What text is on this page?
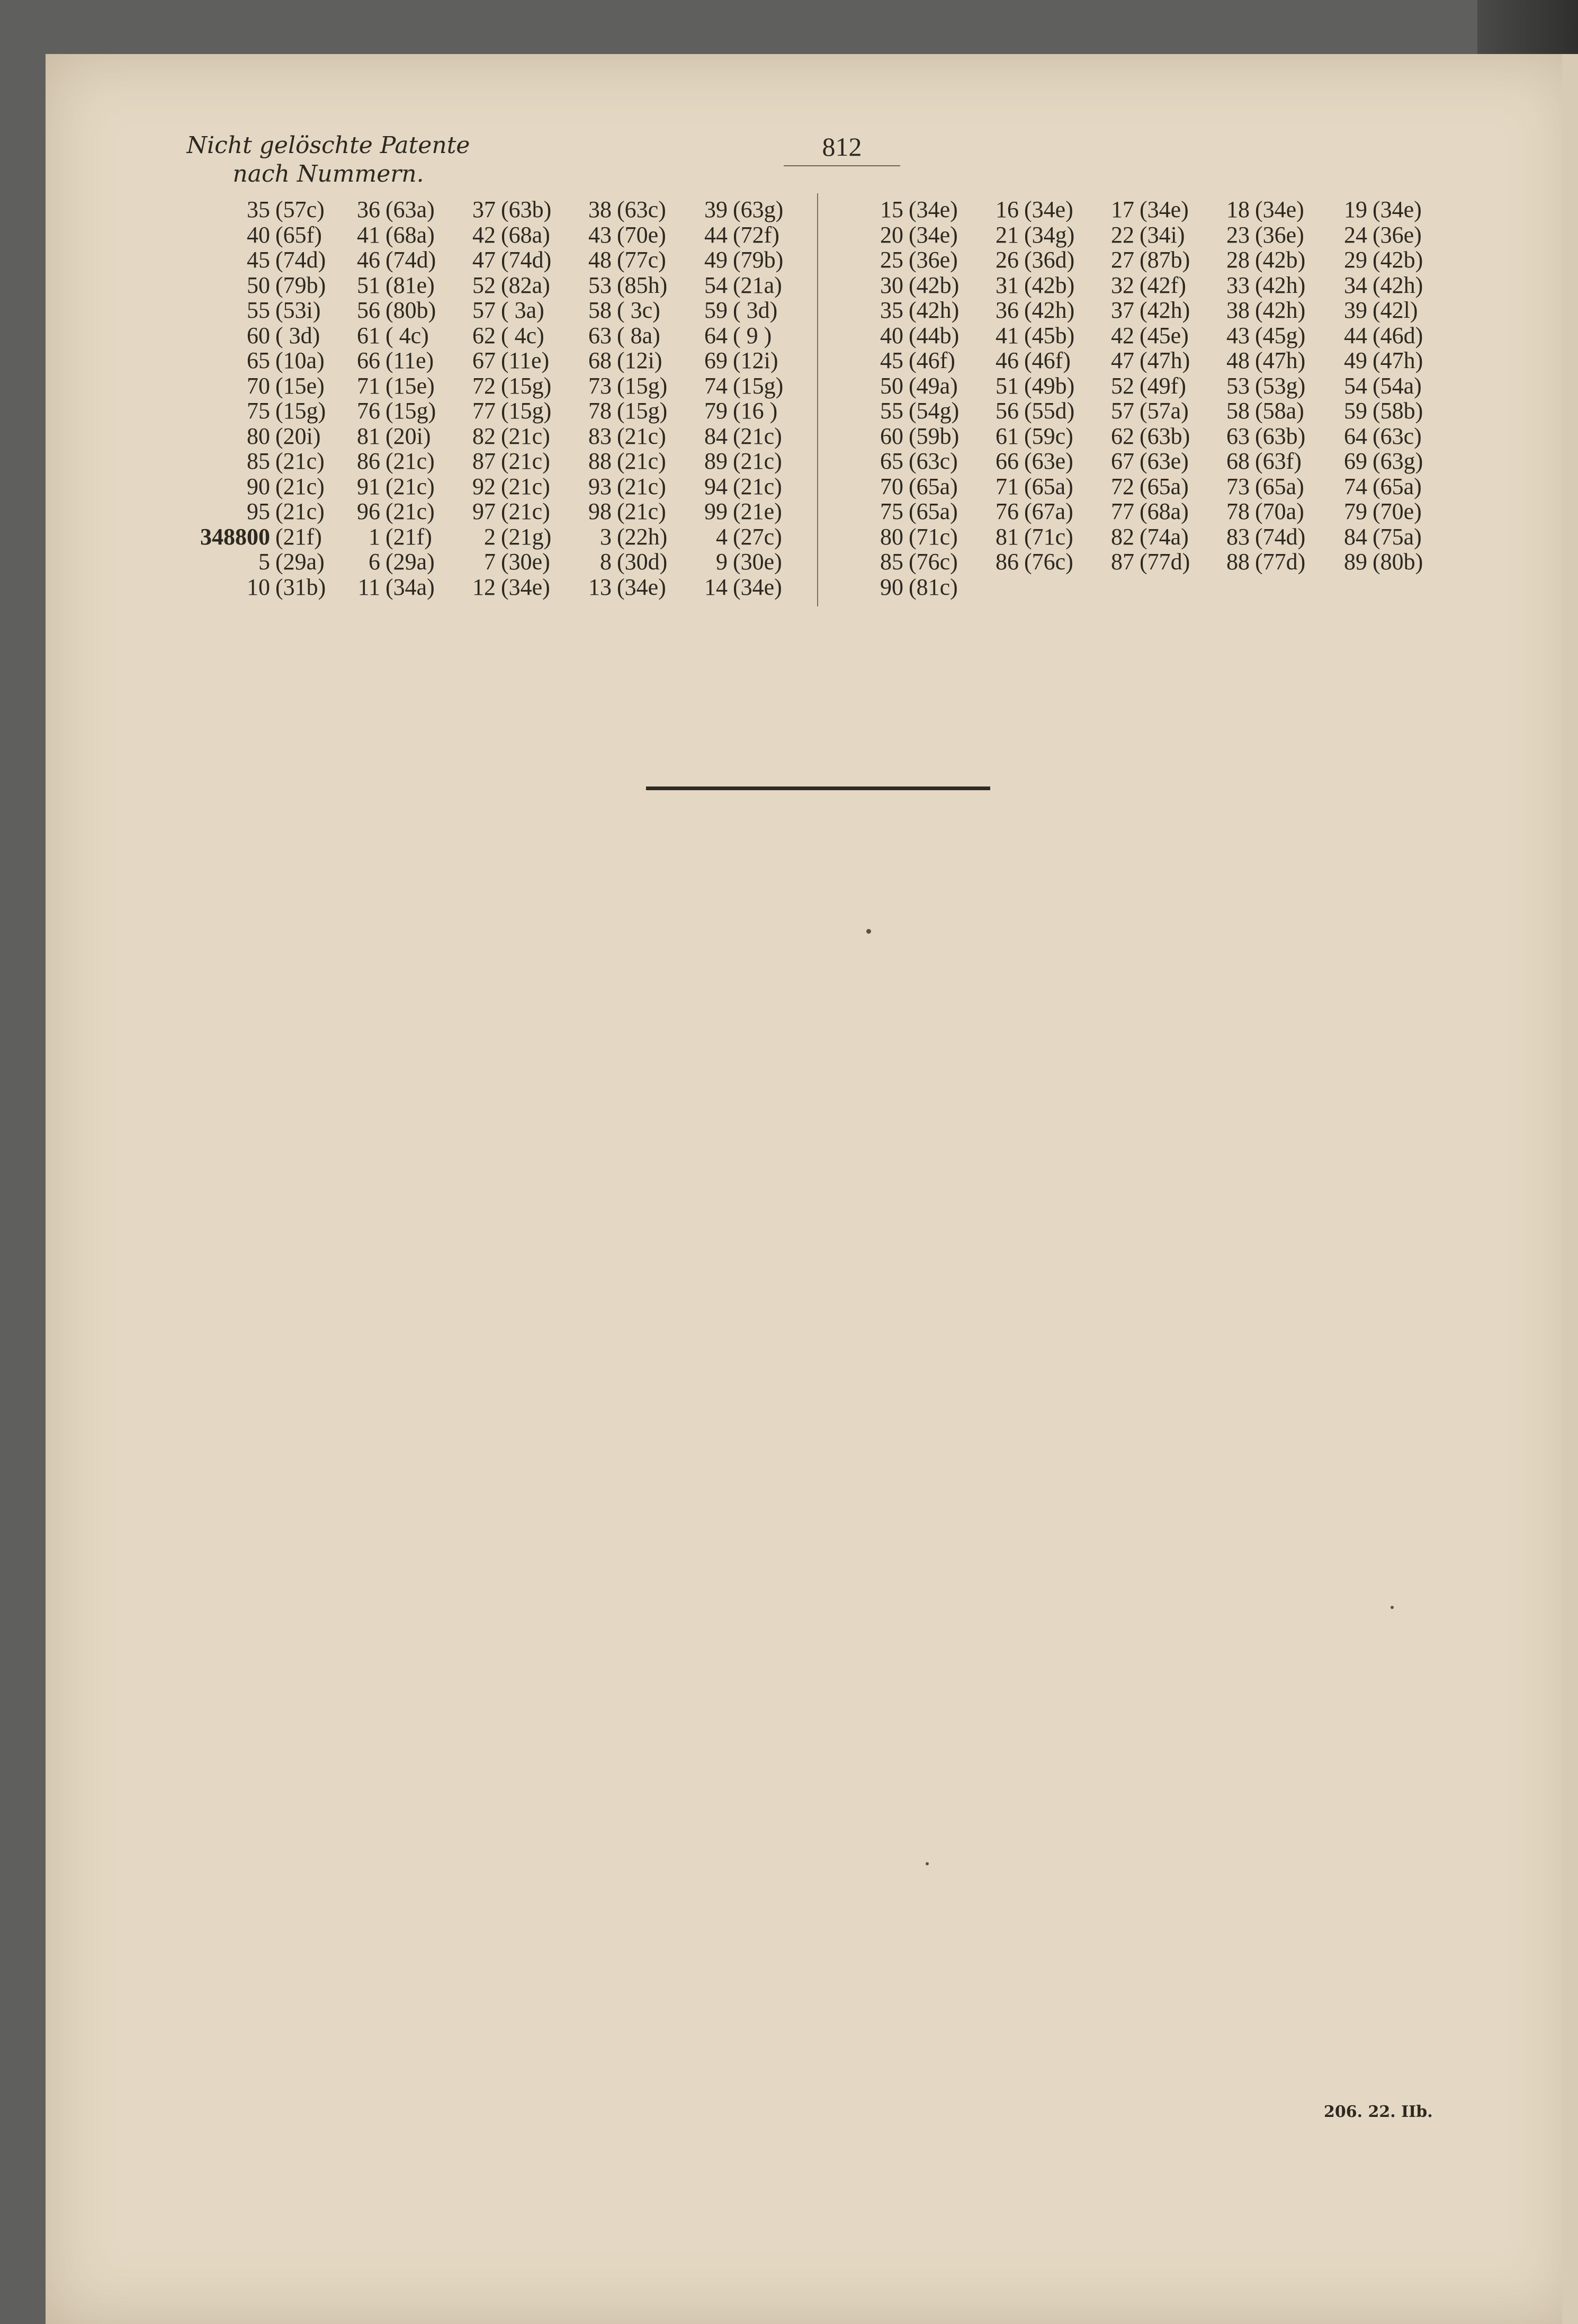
Nicht gelöschte Patente
nach Nummern.
812
35 (57c)	36 (63a)	37 (63b)	38 (63c)	39 (63g)
40 (65f)	41 (68a)	42 (68a)	43 (70e)	44 (72f)
45 (74d)	46 (74d)	47 (74d)	48 (77c)	49 (79b)
50 (79b)	51 (81e)	52 (82a)	53 (85h)	54 (21a)
55 (53i)	56 (80b)	57 ( 3a)	58 ( 3c)	59 ( 3d)
60 ( 3d)	61 ( 4c)	62 ( 4c)	63 ( 8a)	64 ( 9 )
65 (10a)	66 (11e)	67 (11e)	68 (12i)	69 (12i)
70 (15e)	71 (15e)	72 (15g)	73 (15g)	74 (15g)
75 (15g)	76 (15g)	77 (15g)	78 (15g)	79 (16 )
80 (20i)	81 (20i)	82 (21c)	83 (21c)	84 (21c)
85 (21c)	86 (21c)	87 (21c)	88 (21c)	89 (21c)
90 (21c)	91 (21c)	92 (21c)	93 (21c)	94 (21c)
95 (21c)	96 (21c)	97 (21c)	98 (21c)	99 (21e)
348800 (21f)	1 (21f)	2 (21g)	3 (22h)	4 (27c)
5 (29a)	6 (29a)	7 (30e)	8 (30d)	9 (30e)
10 (31b)	11 (34a)	12 (34e)	13 (34e)	14 (34e)
15 (34e)	16 (34e)	17 (34e)	18 (34e)	19 (34e)
20 (34e)	21 (34g)	22 (34i)	23 (36e)	24 (36e)
25 (36e)	26 (36d)	27 (87b)	28 (42b)	29 (42b)
30 (42b)	31 (42b)	32 (42f)	33 (42h)	34 (42h)
35 (42h)	36 (42h)	37 (42h)	38 (42h)	39 (42l)
40 (44b)	41 (45b)	42 (45e)	43 (45g)	44 (46d)
45 (46f)	46 (46f)	47 (47h)	48 (47h)	49 (47h)
50 (49a)	51 (49b)	52 (49f)	53 (53g)	54 (54a)
55 (54g)	56 (55d)	57 (57a)	58 (58a)	59 (58b)
60 (59b)	61 (59c)	62 (63b)	63 (63b)	64 (63c)
65 (63c)	66 (63e)	67 (63e)	68 (63f)	69 (63g)
70 (65a)	71 (65a)	72 (65a)	73 (65a)	74 (65a)
75 (65a)	76 (67a)	77 (68a)	78 (70a)	79 (70e)
80 (71c)	81 (71c)	82 (74a)	83 (74d)	84 (75a)
85 (76c)	86 (76c)	87 (77d)	88 (77d)	89 (80b)
90 (81c)
206. 22. IIb.
